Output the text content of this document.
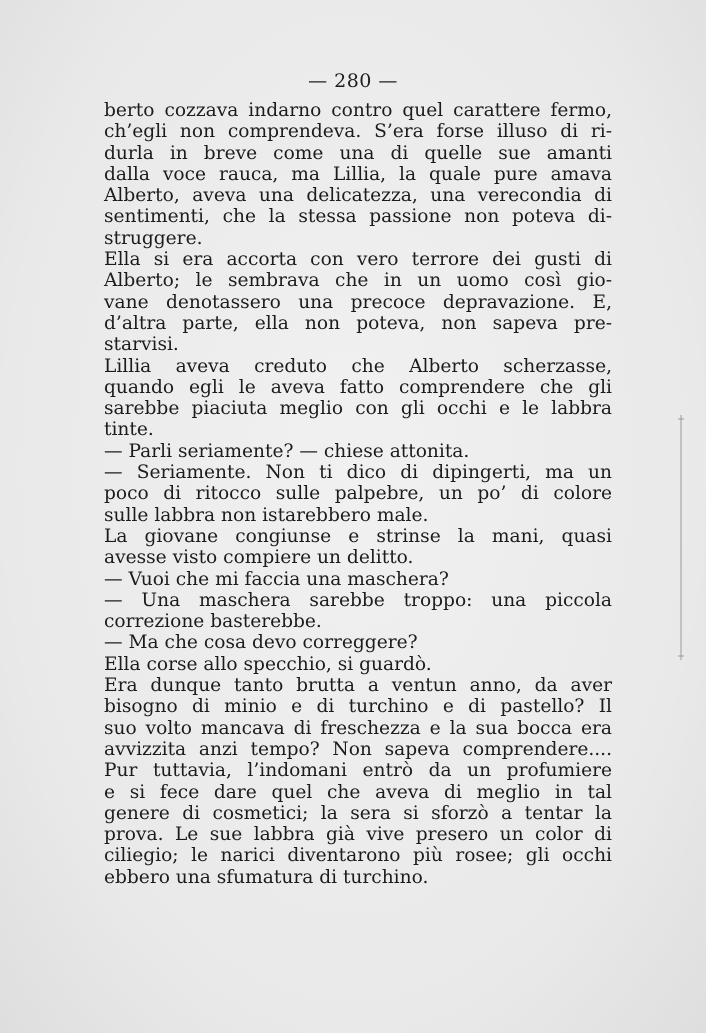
— 280 —
berto cozzava indarno contro quel carattere fermo,
ch’egli non comprendeva. S’era forse illuso di ri-
durla in breve come una di quelle sue amanti
dalla voce rauca, ma Lillia, la quale pure amava
Alberto, aveva una delicatezza, una verecondia di
sentimenti, che la stessa passione non poteva di-
struggere.
Ella si era accorta con vero terrore dei gusti di
Alberto; le sembrava che in un uomo così gio-
vane denotassero una precoce depravazione. E,
d’altra parte, ella non poteva, non sapeva pre-
starvisi.
Lillia aveva creduto che Alberto scherzasse,
quando egli le aveva fatto comprendere che gli
sarebbe piaciuta meglio con gli occhi e le labbra
tinte.
— Parli seriamente? — chiese attonita.
— Seriamente. Non ti dico di dipingerti, ma un
poco di ritocco sulle palpebre, un po’ di colore
sulle labbra non istarebbero male.
La giovane congiunse e strinse la mani, quasi
avesse visto compiere un delitto.
— Vuoi che mi faccia una maschera?
— Una maschera sarebbe troppo: una piccola
correzione basterebbe.
— Ma che cosa devo correggere?
Ella corse allo specchio, si guardò.
Era dunque tanto brutta a ventun anno, da aver
bisogno di minio e di turchino e di pastello? Il
suo volto mancava di freschezza e la sua bocca era
avvizzita anzi tempo? Non sapeva comprendere....
Pur tuttavia, l’indomani entrò da un profumiere
e si fece dare quel che aveva di meglio in tal
genere di cosmetici; la sera si sforzò a tentar la
prova. Le sue labbra già vive presero un color di
ciliegio; le narici diventarono più rosee; gli occhi
ebbero una sfumatura di turchino.
